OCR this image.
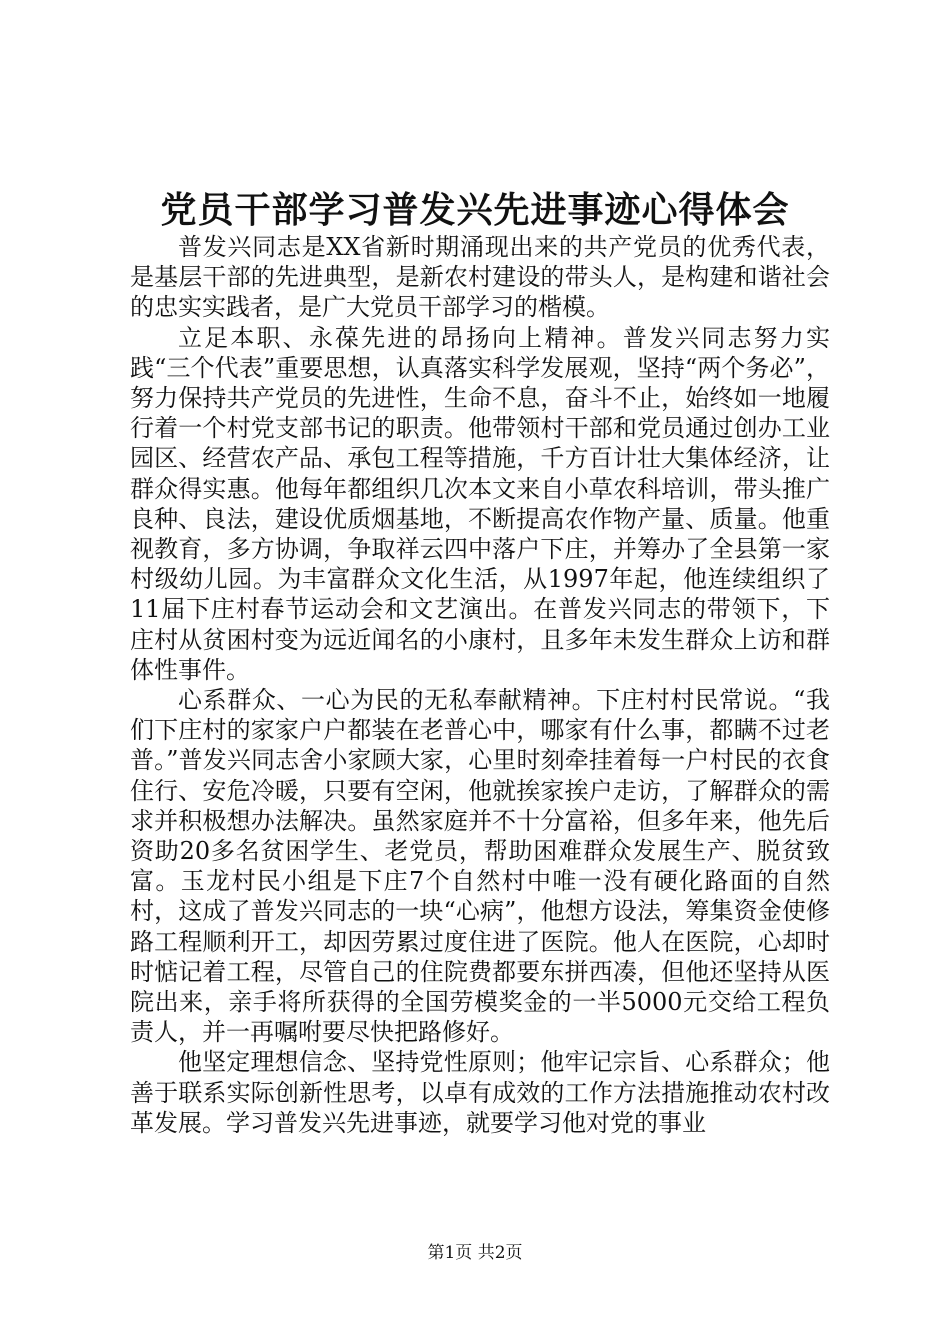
党员干部学习普发兴先进事迹心得体会

普发兴同志是XX省新时期涌现出来的共产党员的优秀代表，是基层干部的先进典型，是新农村建设的带头人，是构建和谐社会的忠实实践者，是广大党员干部学习的楷模。

立足本职、永葆先进的昂扬向上精神。普发兴同志努力实践“三个代表”重要思想，认真落实科学发展观，坚持“两个务必”，努力保持共产党员的先进性，生命不息，奋斗不止，始终如一地履行着一个村党支部书记的职责。他带领村干部和党员通过创办工业园区、经营农产品、承包工程等措施，千方百计壮大集体经济，让群众得实惠。他每年都组织几次本文来自小草农科培训，带头推广良种、良法，建设优质烟基地，不断提高农作物产量、质量。他重视教育，多方协调，争取祥云四中落户下庄，并筹办了全县第一家村级幼儿园。为丰富群众文化生活，从1997年起，他连续组织了11届下庄村春节运动会和文艺演出。在普发兴同志的带领下，下庄村从贫困村变为远近闻名的小康村，且多年未发生群众上访和群体性事件。

心系群众、一心为民的无私奉献精神。下庄村村民常说。“我们下庄村的家家户户都装在老普心中，哪家有什么事，都瞒不过老普。”普发兴同志舍小家顾大家，心里时刻牵挂着每一户村民的衣食住行、安危冷暖，只要有空闲，他就挨家挨户走访，了解群众的需求并积极想办法解决。虽然家庭并不十分富裕，但多年来，他先后资助20多名贫困学生、老党员，帮助困难群众发展生产、脱贫致富。玉龙村民小组是下庄7个自然村中唯一没有硬化路面的自然村，这成了普发兴同志的一块“心病”，他想方设法，筹集资金使修路工程顺利开工，却因劳累过度住进了医院。他人在医院，心却时时惦记着工程，尽管自己的住院费都要东拼西凑，但他还坚持从医院出来，亲手将所获得的全国劳模奖金的一半5000元交给工程负责人，并一再嘱咐要尽快把路修好。

他坚定理想信念、坚持党性原则；他牢记宗旨、心系群众；他善于联系实际创新性思考，以卓有成效的工作方法措施推动农村改革发展。学习普发兴先进事迹，就要学习他对党的事业

第1页 共2页
